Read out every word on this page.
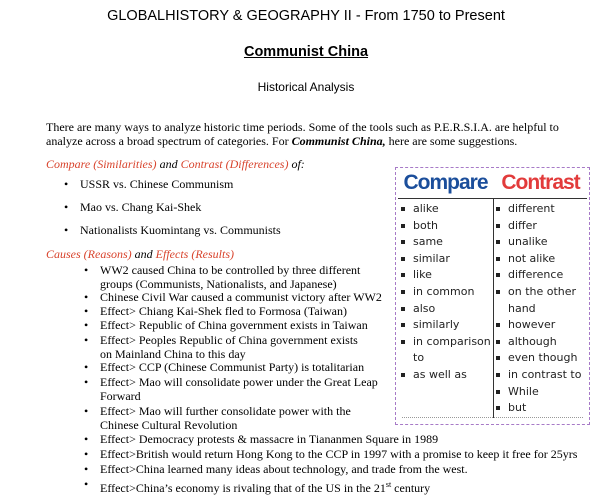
GLOBALHISTORY & GEOGRAPHY II - From 1750 to Present
Communist China
Historical Analysis
There are many ways to analyze historic time periods. Some of the tools such as P.E.R.S.I.A. are helpful to analyze across a broad spectrum of categories. For Communist China, here are some suggestions.
Compare (Similarities) and Contrast (Differences) of:
• USSR vs. Chinese Communism
• Mao vs. Chang Kai-Shek
• Nationalists Kuomintang vs. Communists
Causes (Reasons) and Effects (Results)
• WW2 caused China to be controlled by three different groups (Communists, Nationalists, and Japanese)
• Chinese Civil War caused a communist victory after WW2
• Effect> Chiang Kai-Shek fled to Formosa (Taiwan)
• Effect> Republic of China government exists in Taiwan
• Effect> Peoples Republic of China government exists on Mainland China to this day
• Effect> CCP (Chinese Communist Party) is totalitarian
• Effect> Mao will consolidate power under the Great Leap Forward
• Effect> Mao will further consolidate power with the Chinese Cultural Revolution
• Effect> Democracy protests & massacre in Tiananmen Square in 1989
• Effect>British would return Hong Kong to the CCP in 1997 with a promise to keep it free for 25yrs
• Effect>China learned many ideas about technology, and trade from the west.
• Effect>China’s economy is rivaling that of the US in the 21st century
Compare Contrast
alike
both
same
similar
like
in common
also
similarly
in comparison
to
as well as
different
differ
unalike
not alike
difference
on the other
hand
however
although
even though
in contrast to
While
but
